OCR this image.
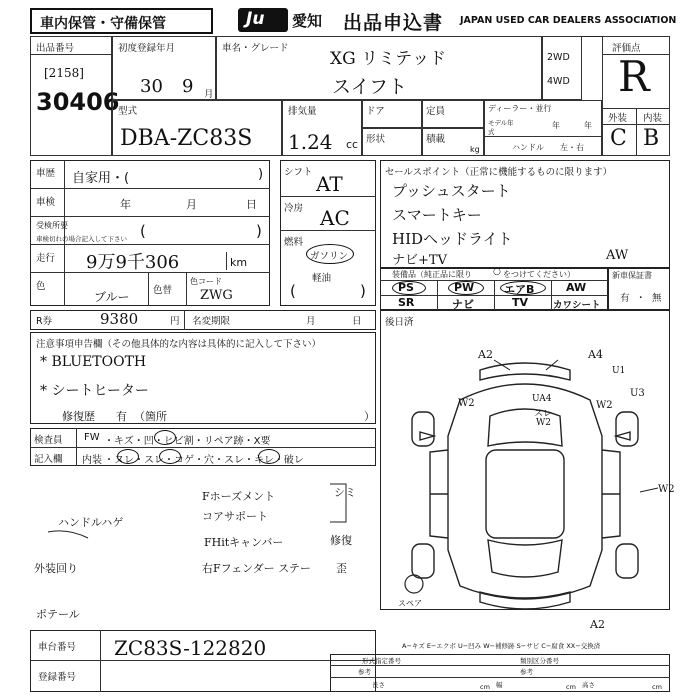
車内保管・守備保管	Ju 愛知 出品申込書 JAPAN USED CAR DEALERS ASSOCIATION
出品番号
[2158]
30406
初度登録年月
30 9 月
車名・グレード
XG リミテッド
スイフト
2WD
4WD
評価点
R
外装 内装
C B
型式
DBA-ZC83S
排気量
1.24 cc
ドア
形状
定員
積載
kg
ディーラー・並行
モデル年式
年	年
ハンドル 左・右
車歴 自家用・(	)
車検	年	月	日
受検所要
車検切れの場合記入して下さい (	)
走行 9万9千306	km
色
ブルー 色替
色コード
ZWG
シフト AT
冷房 AC
燃料
ガソリン
軽油
(	)
セールスポイント（正常に機能するものに限ります）
プッシュスタート
スマートキー
HIDヘッドライト
ナビ+TV	AW
装備品（純正品に限り ○ をつけてください）
PS	PW	エアB	AW
SR	ナビ	TV	カワシート
新車保証書
有 ・ 無
R券	9380	円 名変期限	月	日
注意事項申告欄（その他具体的な内容は具体的に記入して下さい）
* BLUETOOTH
* シートヒーター
修復歴 有 （箇所	）
後日済
検査員
記入欄
FW ・キズ・凹・ヒビ割・リペア跡・X要
内装 ・ヌレ・スレ・コゲ・穴・スレ・キレ・破レ
Fホーズメント	シミ
コアサポート
ハンドルハゲ
FHitキャンバー	修復
外装回り	右Fフェンダー ステー 歪
ポテール
A2	A4
U1
W2	UA4
スレ
W2
W2
U3
W2
A2
スペア
A−キズ E−エクボ U−凹み W−補修跡 S−サビ C−腐食 XX−交換済
車台番号 ZC83S-122820
登録番号
形式指定番号	類別区分番号
参考	参考
長さ	cm 幅	cm 高さ	cm
